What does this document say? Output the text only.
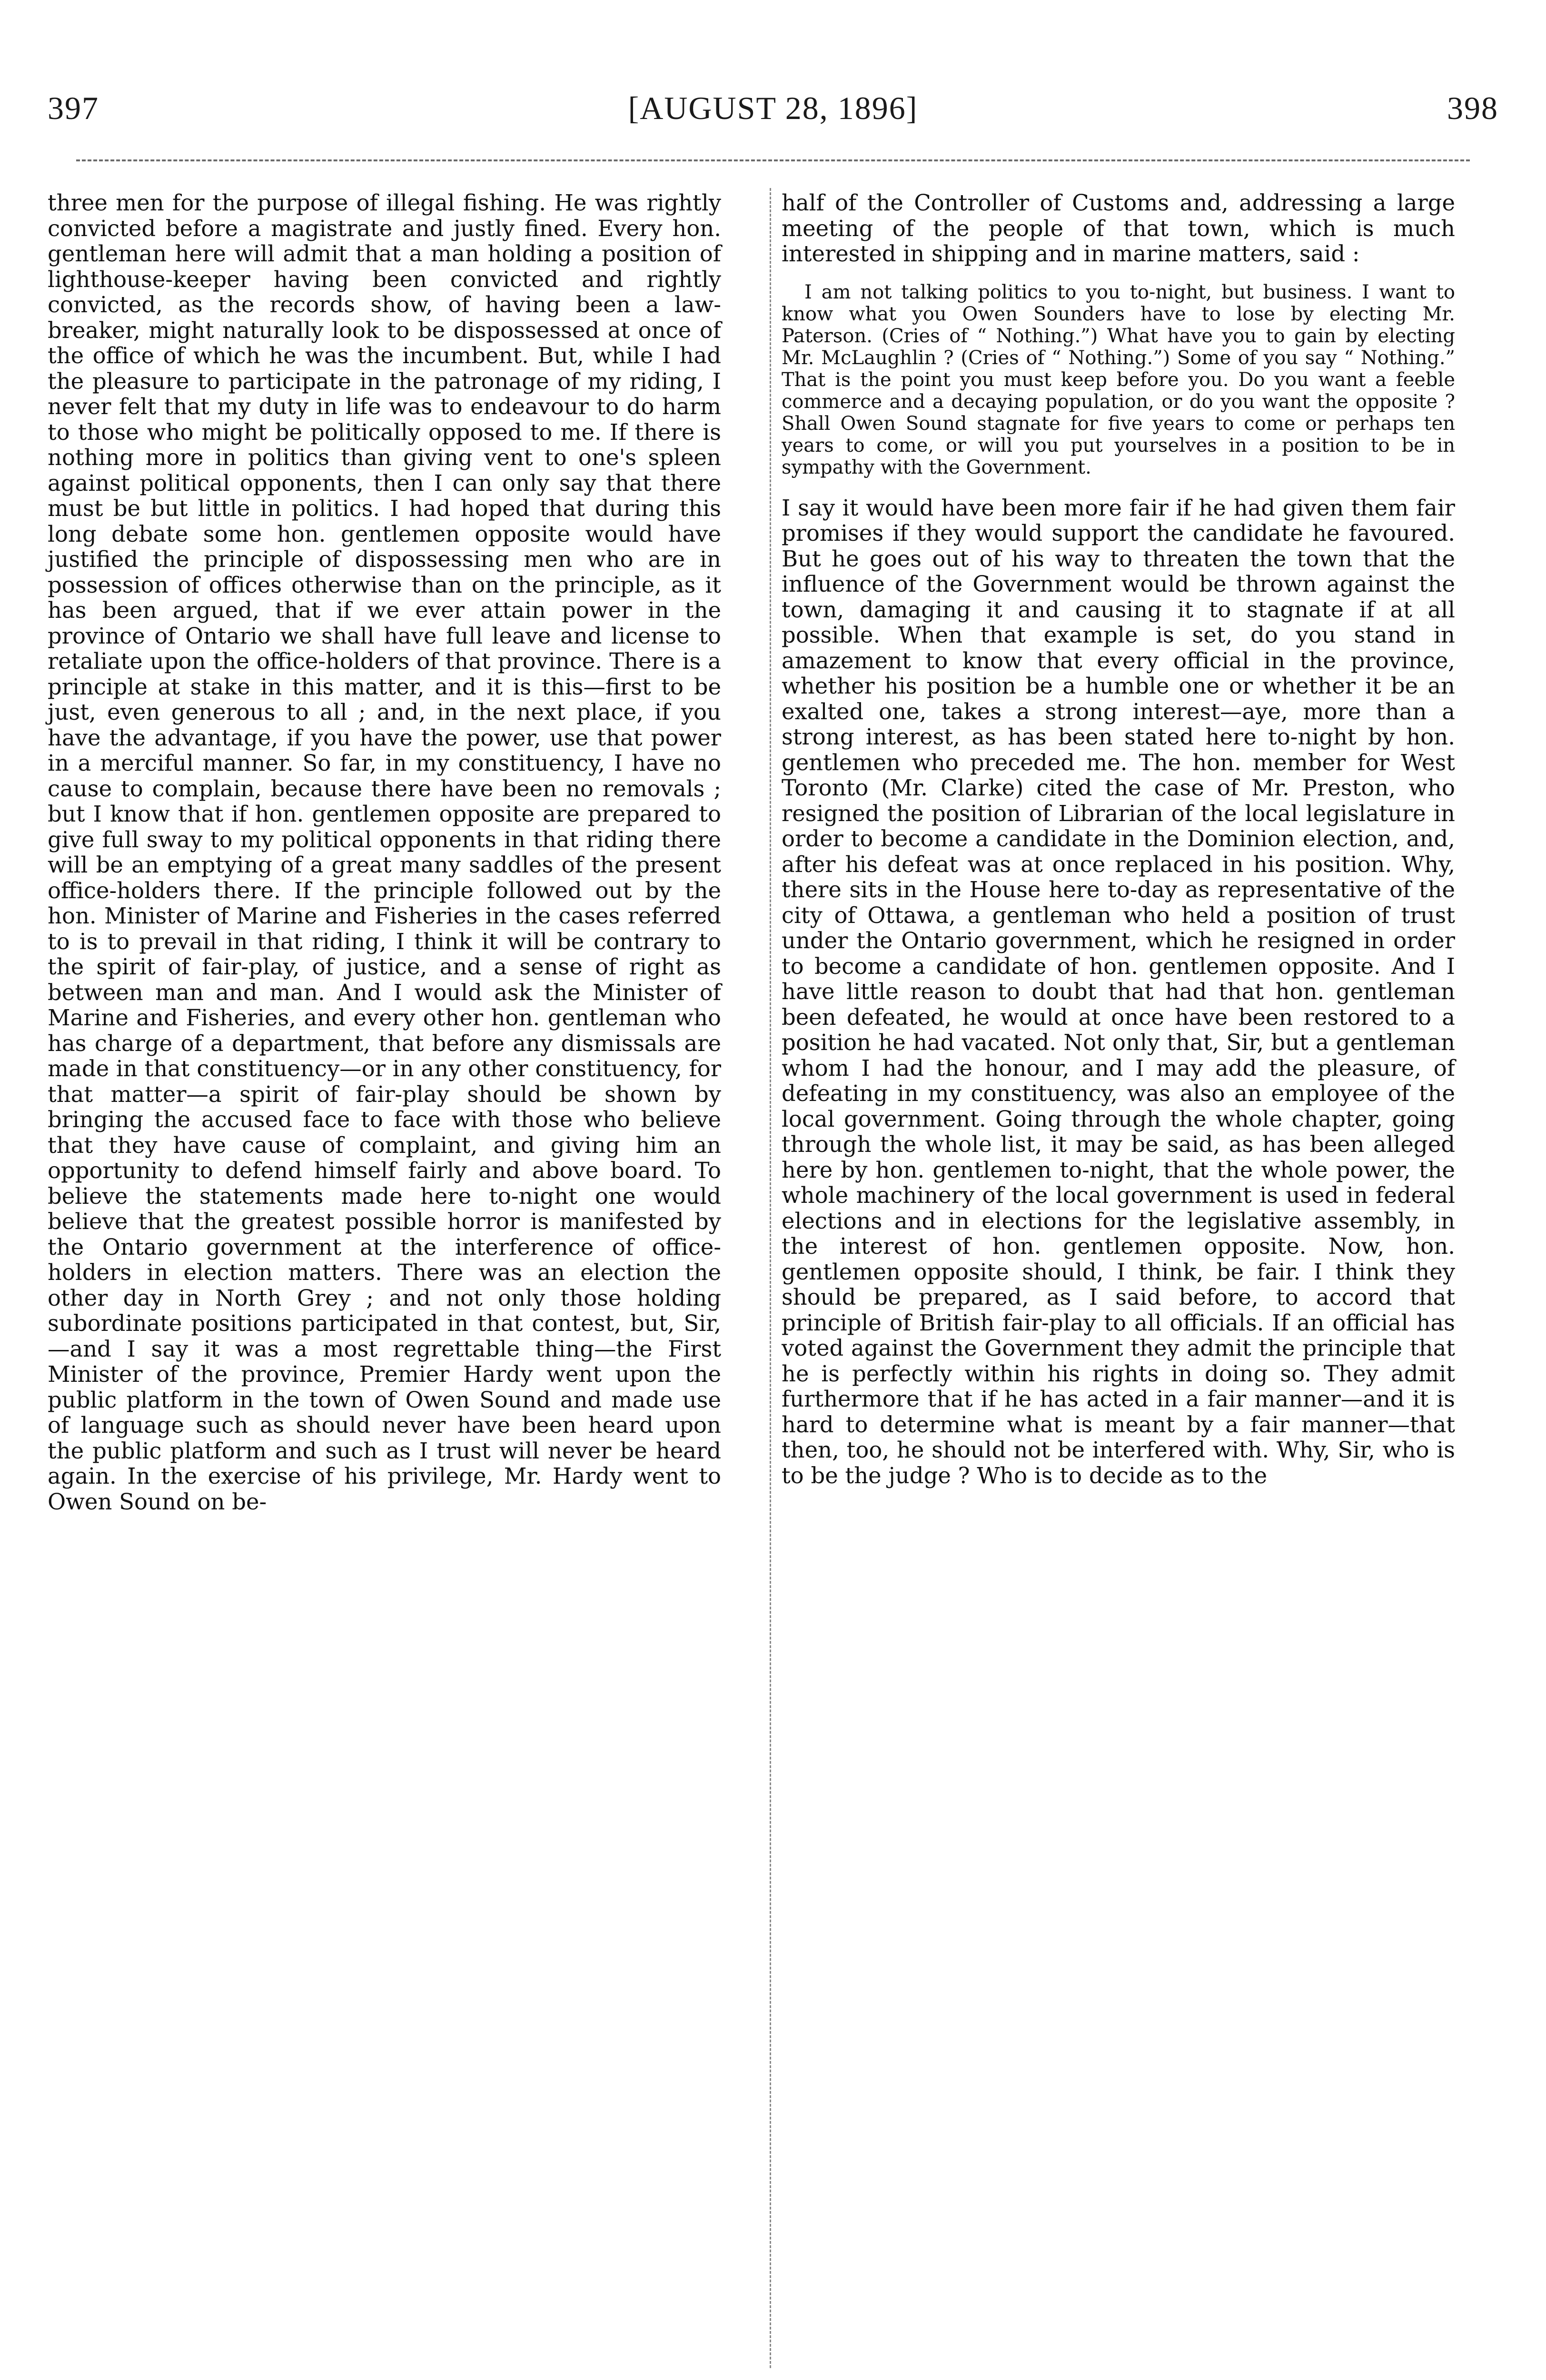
397	[AUGUST 28, 1896]	398

three men for the purpose of illegal fishing. He was rightly convicted before a magistrate and justly fined. Every hon. gentleman here will admit that a man holding a position of lighthouse-keeper having been convicted and rightly convicted, as the records show, of having been a law-breaker, might naturally look to be dispossessed at once of the office of which he was the incumbent. But, while I had the pleasure to participate in the patronage of my riding, I never felt that my duty in life was to endeavour to do harm to those who might be politically opposed to me. If there is nothing more in politics than giving vent to one's spleen against political opponents, then I can only say that there must be but little in politics. I had hoped that during this long debate some hon. gentlemen opposite would have justified the principle of dispossessing men who are in possession of offices otherwise than on the principle, as it has been argued, that if we ever attain power in the province of Ontario we shall have full leave and license to retaliate upon the office-holders of that province. There is a principle at stake in this matter, and it is this—first to be just, even generous to all ; and, in the next place, if you have the advantage, if you have the power, use that power in a merciful manner. So far, in my constituency, I have no cause to complain, because there have been no removals ; but I know that if hon. gentlemen opposite are prepared to give full sway to my political opponents in that riding there will be an emptying of a great many saddles of the present office-holders there. If the principle followed out by the hon. Minister of Marine and Fisheries in the cases referred to is to prevail in that riding, I think it will be contrary to the spirit of fair-play, of justice, and a sense of right as between man and man. And I would ask the Minister of Marine and Fisheries, and every other hon. gentleman who has charge of a department, that before any dismissals are made in that constituency—or in any other constituency, for that matter—a spirit of fair-play should be shown by bringing the accused face to face with those who believe that they have cause of complaint, and giving him an opportunity to defend himself fairly and above board. To believe the statements made here to-night one would believe that the greatest possible horror is manifested by the Ontario government at the interference of office-holders in election matters. There was an election the other day in North Grey ; and not only those holding subordinate positions participated in that contest, but, Sir,—and I say it was a most regrettable thing—the First Minister of the province, Premier Hardy went upon the public platform in the town of Owen Sound and made use of language such as should never have been heard upon the public platform and such as I trust will never be heard again. In the exercise of his privilege, Mr. Hardy went to Owen Sound on be-

half of the Controller of Customs and, addressing a large meeting of the people of that town, which is much interested in shipping and in marine matters, said :

I am not talking politics to you to-night, but business. I want to know what you Owen Sounders have to lose by electing Mr. Paterson. (Cries of “ Nothing.”) What have you to gain by electing Mr. McLaughlin ? (Cries of “ Nothing.”) Some of you say “ Nothing.” That is the point you must keep before you. Do you want a feeble commerce and a decaying population, or do you want the opposite ? Shall Owen Sound stagnate for five years to come or perhaps ten years to come, or will you put yourselves in a position to be in sympathy with the Government.

I say it would have been more fair if he had given them fair promises if they would support the candidate he favoured. But he goes out of his way to threaten the town that the influence of the Government would be thrown against the town, damaging it and causing it to stagnate if at all possible. When that example is set, do you stand in amazement to know that every official in the province, whether his position be a humble one or whether it be an exalted one, takes a strong interest—aye, more than a strong interest, as has been stated here to-night by hon. gentlemen who preceded me. The hon. member for West Toronto (Mr. Clarke) cited the case of Mr. Preston, who resigned the position of Librarian of the local legislature in order to become a candidate in the Dominion election, and, after his defeat was at once replaced in his position. Why, there sits in the House here to-day as representative of the city of Ottawa, a gentleman who held a position of trust under the Ontario government, which he resigned in order to become a candidate of hon. gentlemen opposite. And I have little reason to doubt that had that hon. gentleman been defeated, he would at once have been restored to a position he had vacated. Not only that, Sir, but a gentleman whom I had the honour, and I may add the pleasure, of defeating in my constituency, was also an employee of the local government. Going through the whole chapter, going through the whole list, it may be said, as has been alleged here by hon. gentlemen to-night, that the whole power, the whole machinery of the local government is used in federal elections and in elections for the legislative assembly, in the interest of hon. gentlemen opposite. Now, hon. gentlemen opposite should, I think, be fair. I think they should be prepared, as I said before, to accord that principle of British fair-play to all officials. If an official has voted against the Government they admit the principle that he is perfectly within his rights in doing so. They admit furthermore that if he has acted in a fair manner—and it is hard to determine what is meant by a fair manner—that then, too, he should not be interfered with. Why, Sir, who is to be the judge ? Who is to decide as to the
